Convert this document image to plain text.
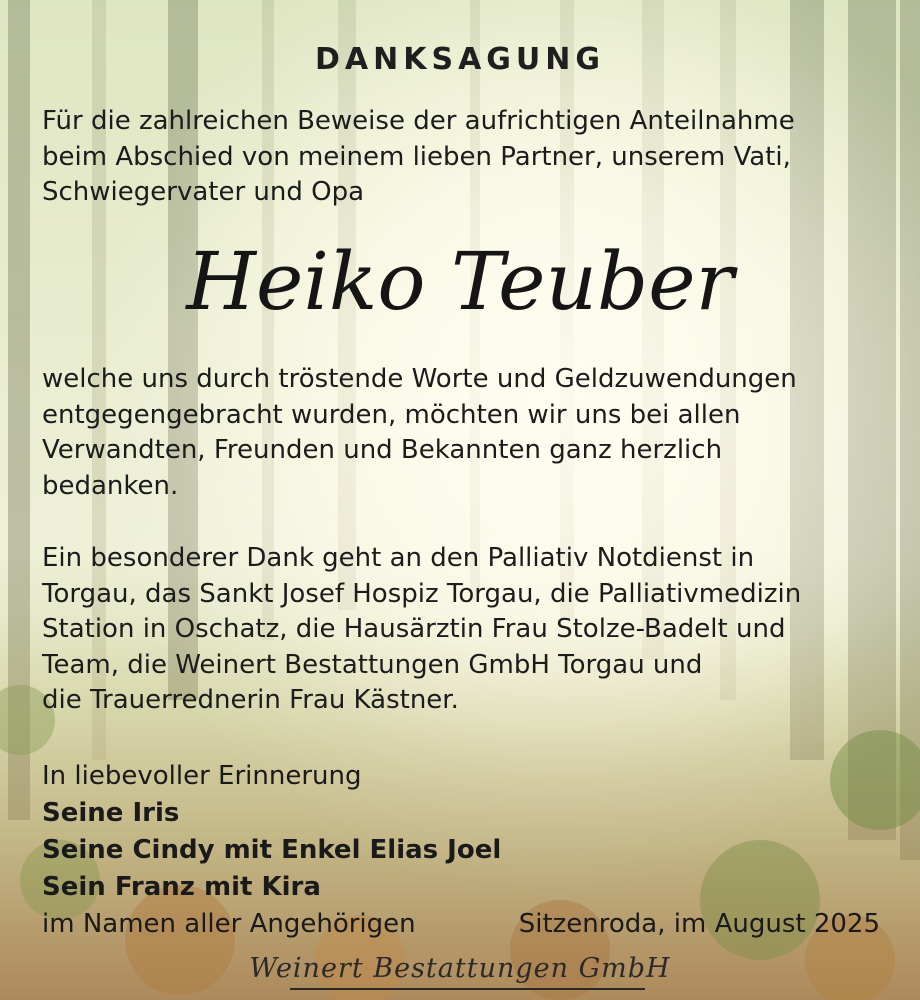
DANKSAGUNG
Für die zahlreichen Beweise der aufrichtigen Anteilnahme
beim Abschied von meinem lieben Partner, unserem Vati,
Schwiegervater und Opa
Heiko Teuber
welche uns durch tröstende Worte und Geldzuwendungen
entgegengebracht wurden, möchten wir uns bei allen
Verwandten, Freunden und Bekannten ganz herzlich
bedanken.
Ein besonderer Dank geht an den Palliativ Notdienst in
Torgau, das Sankt Josef Hospiz Torgau, die Palliativmedizin
Station in Oschatz, die Hausärztin Frau Stolze-Badelt und
Team, die Weinert Bestattungen GmbH Torgau und
die Trauerrednerin Frau Kästner.
In liebevoller Erinnerung
Seine Iris
Seine Cindy mit Enkel Elias Joel
Sein Franz mit Kira
im Namen aller Angehörigen	Sitzenroda, im August 2025
Weinert Bestattungen GmbH
